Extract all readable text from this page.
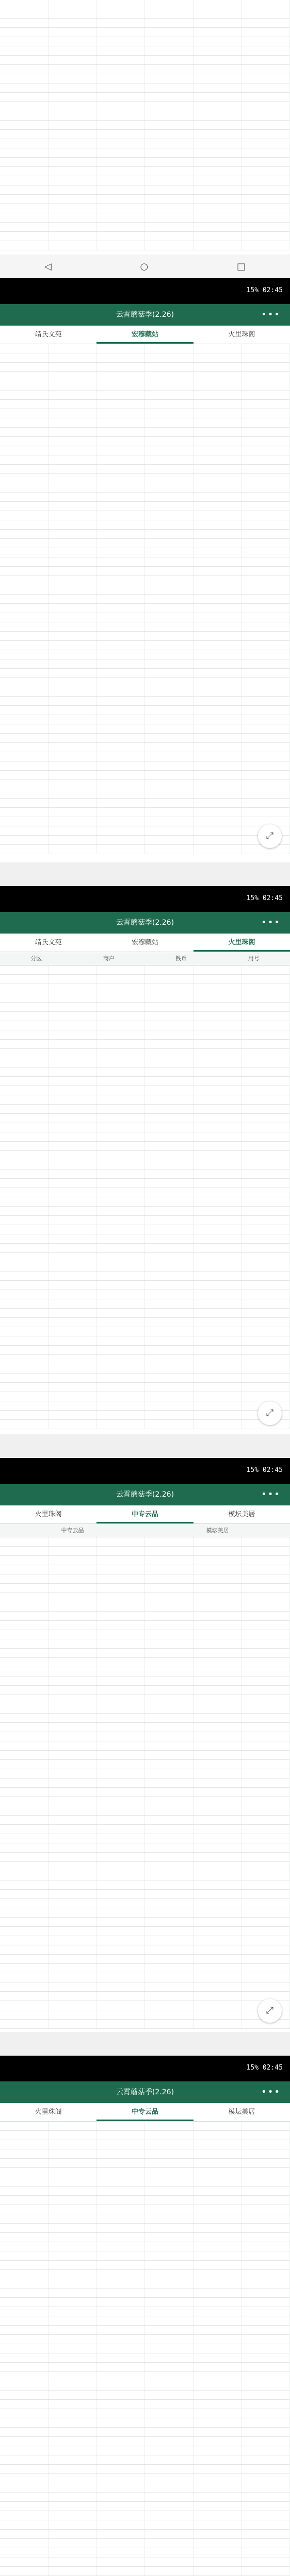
◁	○	□
15% 02:45
云霄蘑菇季(2.26)	•••
靖氏文苑	宏穆藏站	火里珠阁
⤢
15% 02:45
云霄蘑菇季(2.26)	•••
靖氏文苑	宏穆藏站	火里珠阁
分区	商户	钱币	用号
⤢
15% 02:45
云霄蘑菇季(2.26)	•••
火里珠阁	中专云品	模坛美居
中专云品	模坛美居
⤢
15% 02:45
云霄蘑菇季(2.26)	•••
火里珠阁	中专云品	模坛美居
